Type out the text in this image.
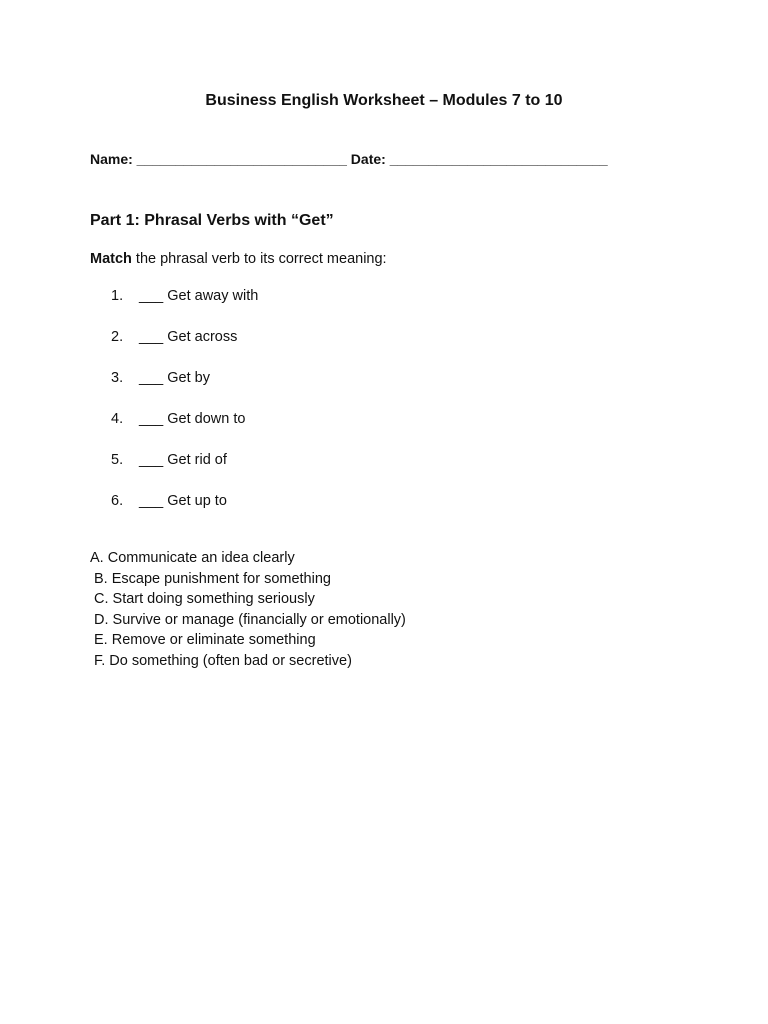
Business English Worksheet – Modules 7 to 10

Name: ___________________________ Date: ____________________________

Part 1: Phrasal Verbs with “Get”

Match the phrasal verb to its correct meaning:

1. ___ Get away with
2. ___ Get across
3. ___ Get by
4. ___ Get down to
5. ___ Get rid of
6. ___ Get up to
A. Communicate an idea clearly
B. Escape punishment for something
C. Start doing something seriously
D. Survive or manage (financially or emotionally)
E. Remove or eliminate something
F. Do something (often bad or secretive)
